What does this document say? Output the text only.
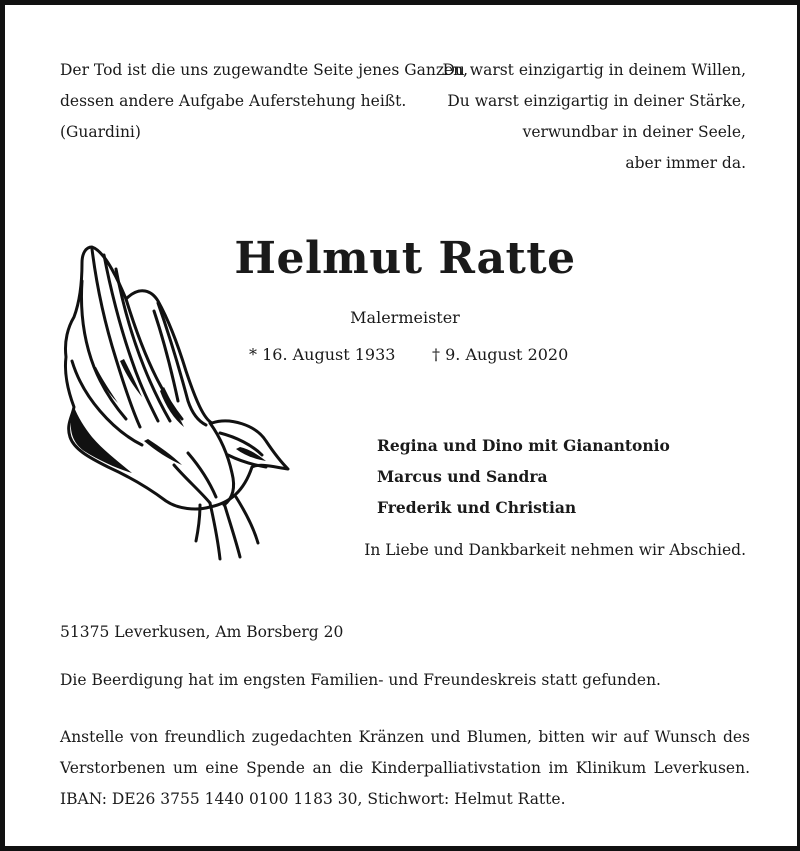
Der Tod ist die uns zugewandte Seite jenes Ganzen,
dessen andere Aufgabe Auferstehung heißt.
(Guardini)
Du warst einzigartig in deinem Willen,
Du warst einzigartig in deiner Stärke,
verwundbar in deiner Seele,
aber immer da.
Helmut Ratte
Malermeister
* 16. August 1933 † 9. August 2020
Regina und Dino mit Gianantonio
Marcus und Sandra
Frederik und Christian
In Liebe und Dankbarkeit nehmen wir Abschied.
51375 Leverkusen, Am Borsberg 20
Die Beerdigung hat im engsten Familien- und Freundeskreis statt gefunden.
Anstelle von freundlich zugedachten Kränzen und Blumen, bitten wir auf Wunsch des
Verstorbenen um eine Spende an die Kinderpalliativstation im Klinikum Leverkusen.
IBAN: DE26 3755 1440 0100 1183 30, Stichwort: Helmut Ratte.
